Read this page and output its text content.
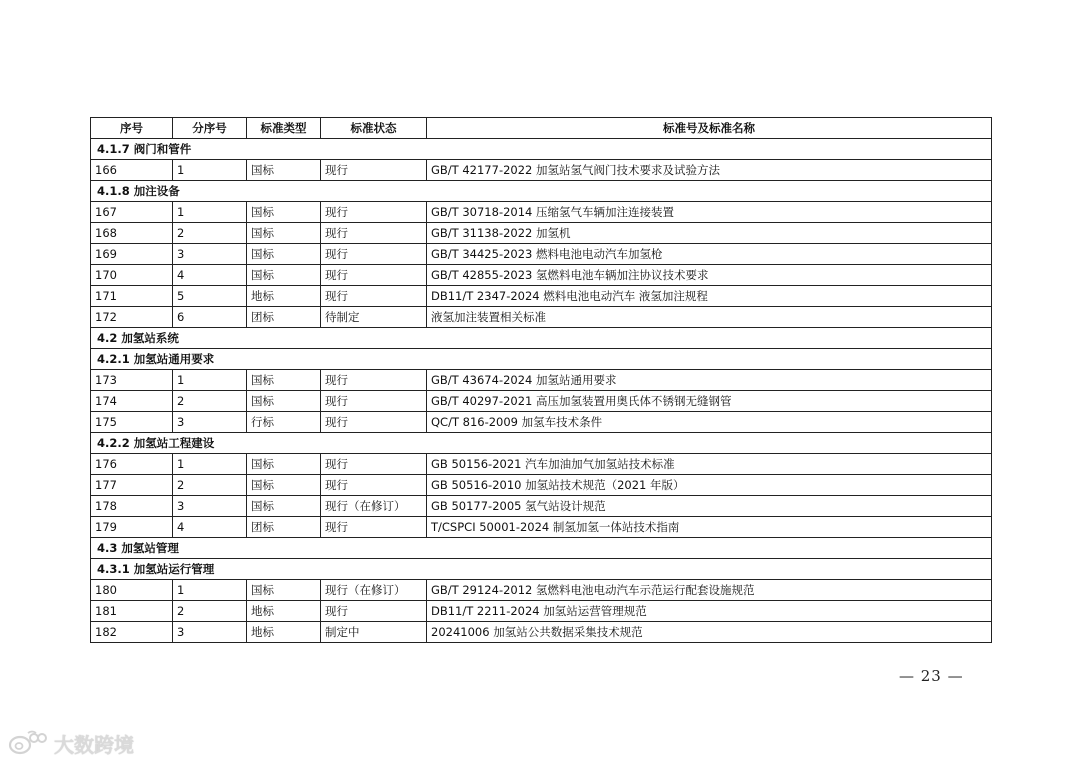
序号	分序号	标准类型	标准状态	标准号及标准名称
4.1.7 阀门和管件				
166	1	国标	现行	GB/T 42177-2022 加氢站氢气阀门技术要求及试验方法
4.1.8 加注设备				
167	1	国标	现行	GB/T 30718-2014 压缩氢气车辆加注连接装置
168	2	国标	现行	GB/T 31138-2022 加氢机
169	3	国标	现行	GB/T 34425-2023 燃料电池电动汽车加氢枪
170	4	国标	现行	GB/T 42855-2023 氢燃料电池车辆加注协议技术要求
171	5	地标	现行	DB11/T 2347-2024 燃料电池电动汽车 液氢加注规程
172	6	团标	待制定	液氢加注装置相关标准
4.2 加氢站系统				
4.2.1 加氢站通用要求				
173	1	国标	现行	GB/T 43674-2024 加氢站通用要求
174	2	国标	现行	GB/T 40297-2021 高压加氢装置用奥氏体不锈钢无缝钢管
175	3	行标	现行	QC/T 816-2009 加氢车技术条件
4.2.2 加氢站工程建设				
176	1	国标	现行	GB 50156-2021 汽车加油加气加氢站技术标准
177	2	国标	现行	GB 50516-2010 加氢站技术规范（2021 年版）
178	3	国标	现行（在修订）	GB 50177-2005 氢气站设计规范
179	4	团标	现行	T/CSPCI 50001-2024 制氢加氢一体站技术指南
4.3 加氢站管理				
4.3.1 加氢站运行管理				
180	1	国标	现行（在修订）	GB/T 29124-2012 氢燃料电池电动汽车示范运行配套设施规范
181	2	地标	现行	DB11/T 2211-2024 加氢站运营管理规范
182	3	地标	制定中	20241006 加氢站公共数据采集技术规范
— 23 —
大数跨境
